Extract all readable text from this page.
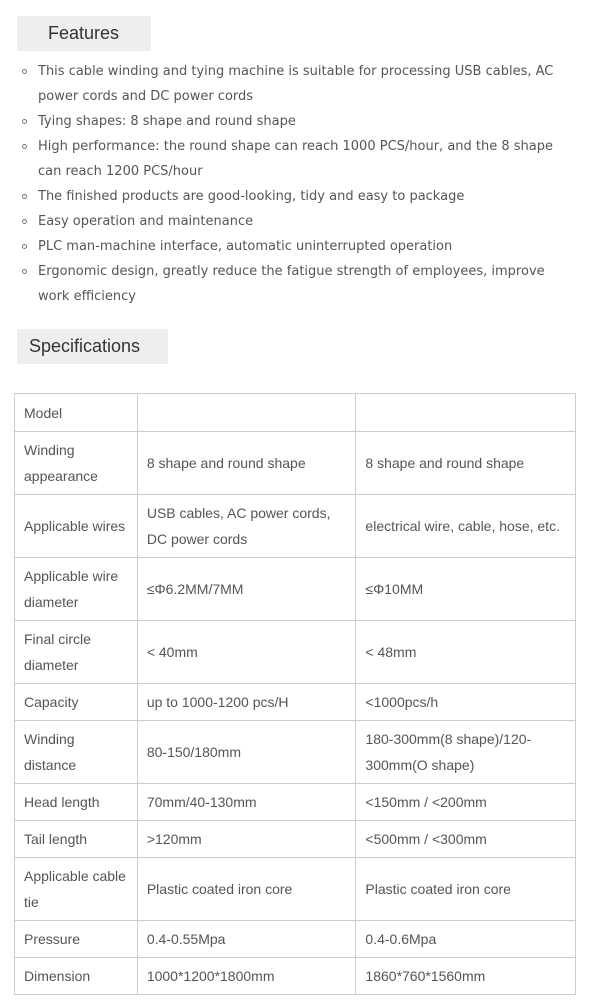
Features
This cable winding and tying machine is suitable for processing USB cables, AC power cords and DC power cords
Tying shapes: 8 shape and round shape
High performance: the round shape can reach 1000 PCS/hour, and the 8 shape can reach 1200 PCS/hour
The finished products are good-looking, tidy and easy to package
Easy operation and maintenance
PLC man-machine interface, automatic uninterrupted operation
Ergonomic design, greatly reduce the fatigue strength of employees, improve work efficiency
Specifications
Model		
Winding appearance	8 shape and round shape	8 shape and round shape
Applicable wires	USB cables, AC power cords, DC power cords	electrical wire, cable, hose, etc.
Applicable wire diameter	≤Φ6.2MM/7MM	≤Φ10MM
Final circle diameter	< 40mm	< 48mm
Capacity	up to 1000-1200 pcs/H	<1000pcs/h
Winding distance	80-150/180mm	180-300mm(8 shape)/120-300mm(O shape)
Head length	70mm/40-130mm	<150mm / <200mm
Tail length	>120mm	<500mm / <300mm
Applicable cable tie	Plastic coated iron core	Plastic coated iron core
Pressure	0.4-0.55Mpa	0.4-0.6Mpa
Dimension	1000*1200*1800mm	1860*760*1560mm
